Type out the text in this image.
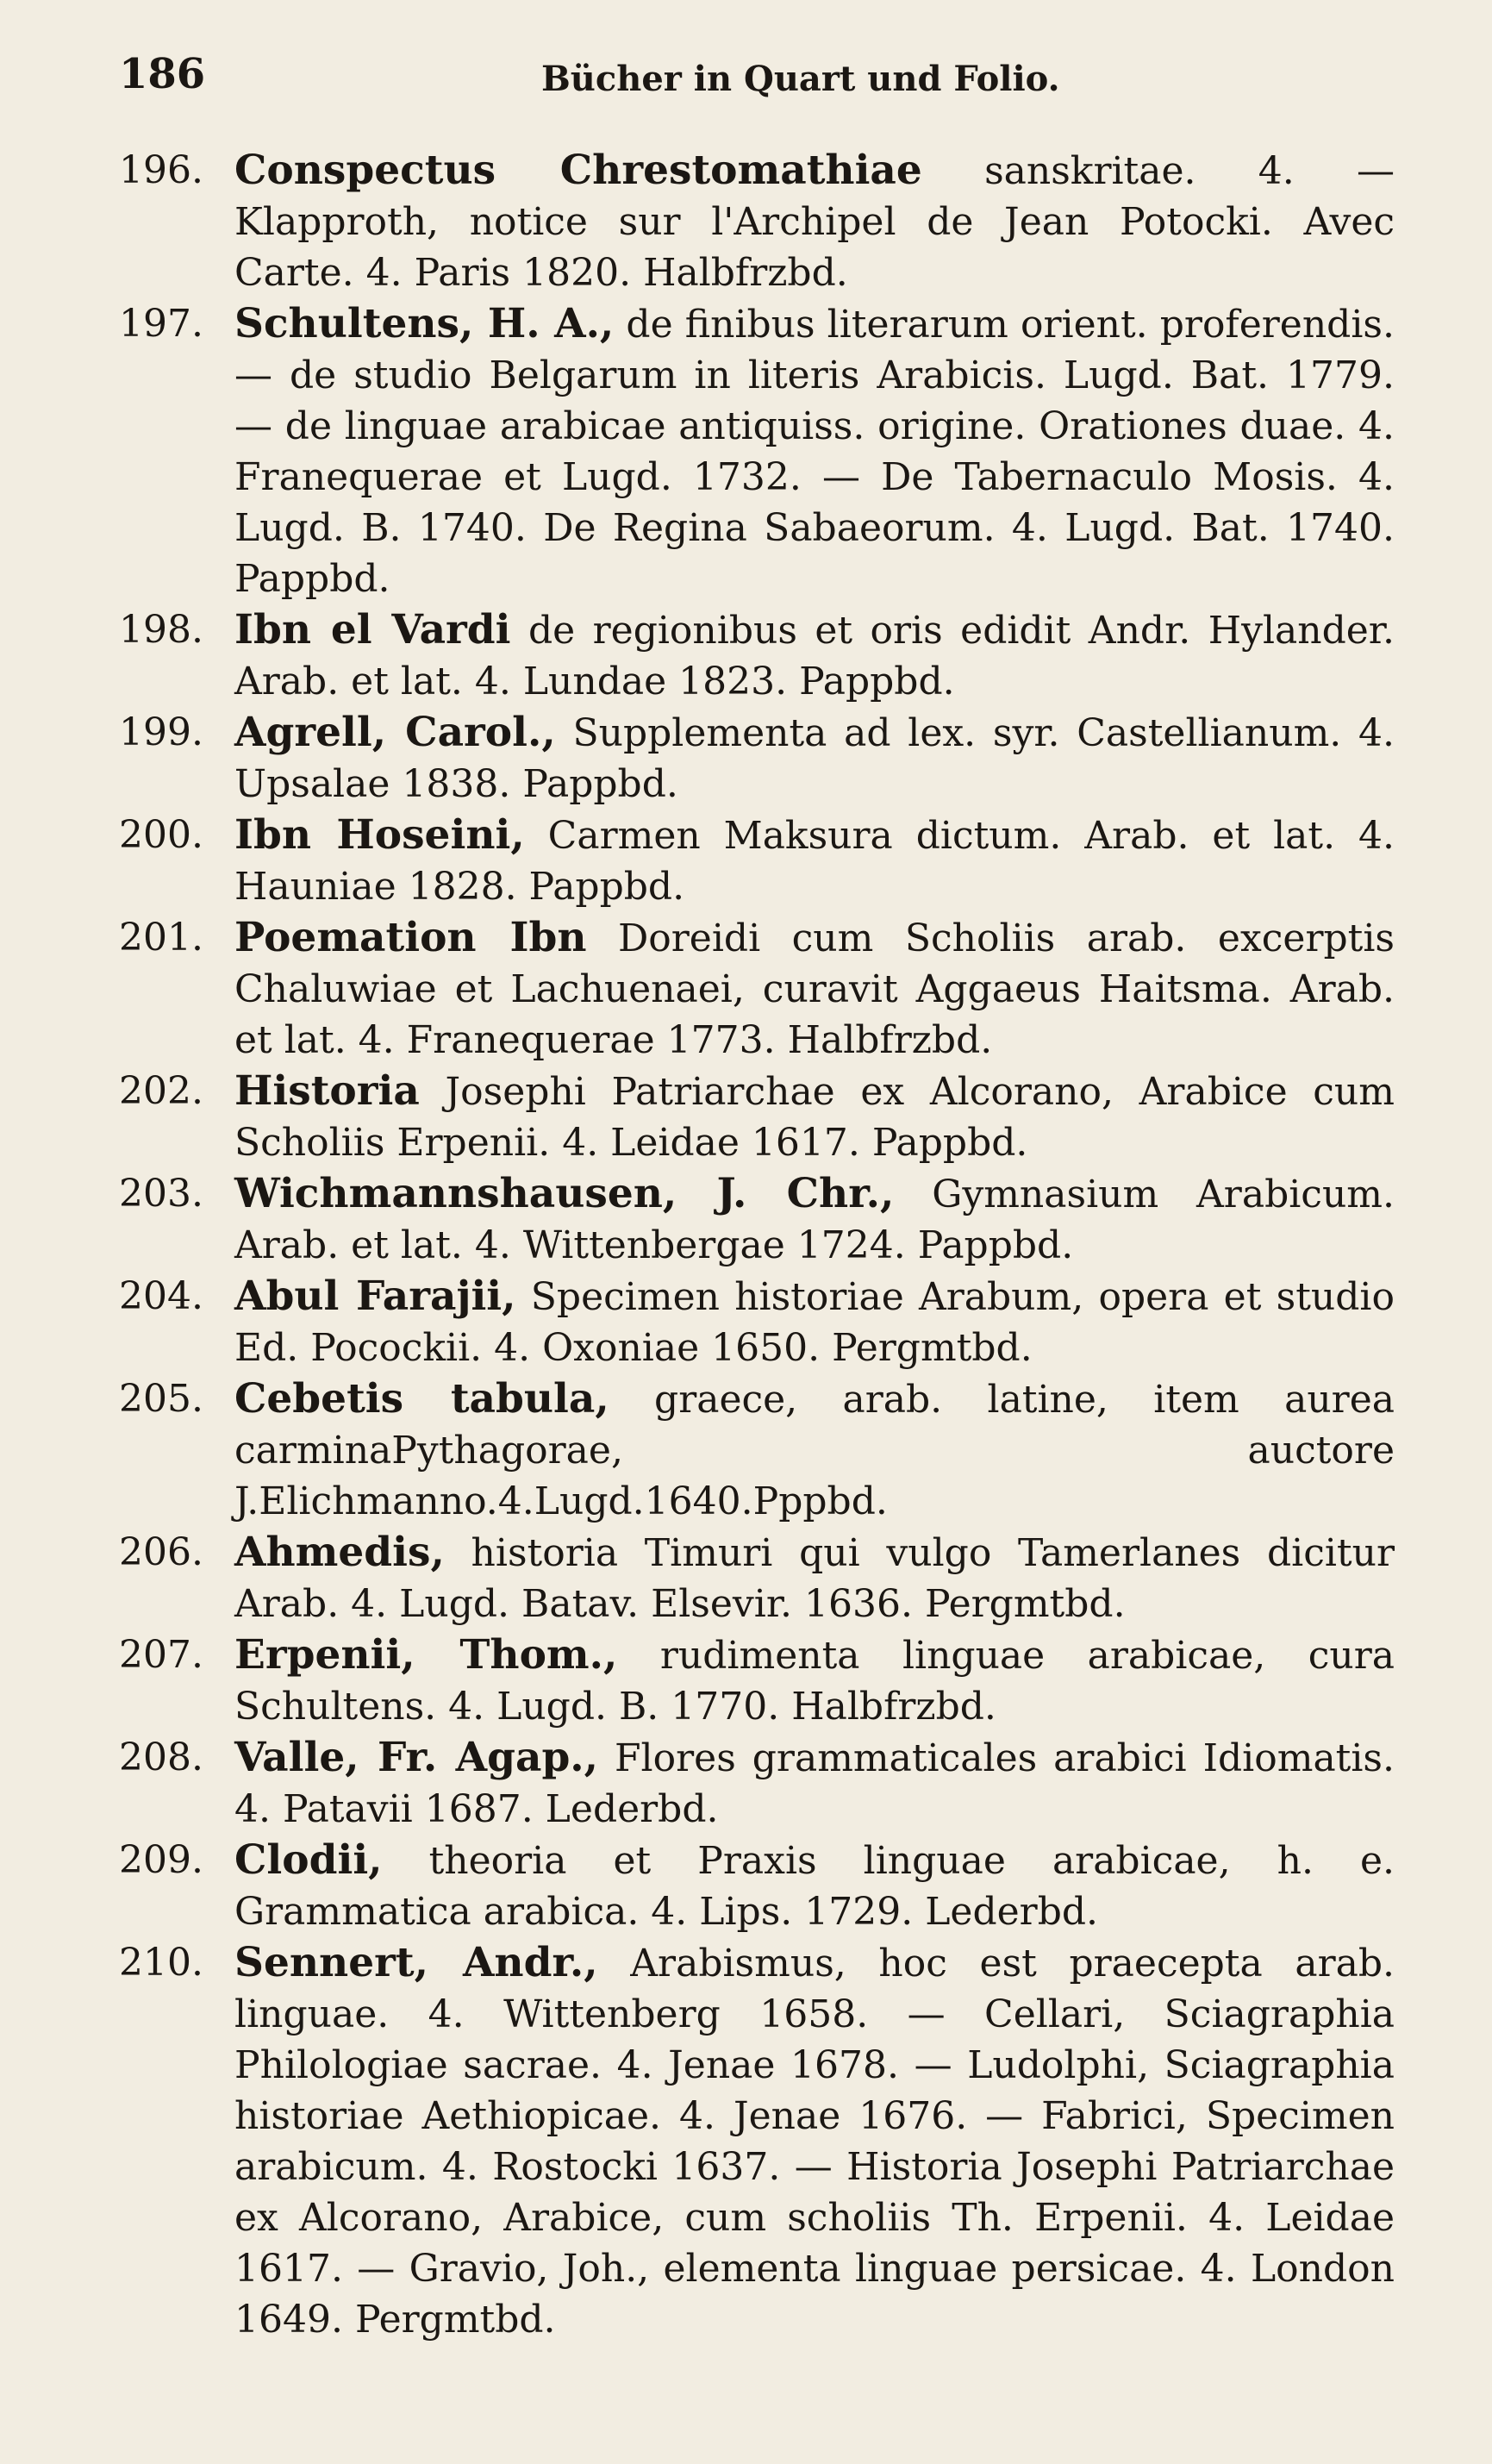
186	Bücher in Quart und Folio.
196. Conspectus Chrestomathiae sanskritae. 4. — Klapproth, notice sur l'Archipel de Jean Potocki. Avec Carte. 4. Paris 1820. Halbfrzbd.

197. Schultens, H. A., de finibus literarum orient. proferendis. — de studio Belgarum in literis Arabicis. Lugd. Bat. 1779. — de linguae arabicae antiquiss. origine. Orationes duae. 4. Franequerae et Lugd. 1732. — De Tabernaculo Mosis. 4. Lugd. B. 1740. De Regina Sabaeorum. 4. Lugd. Bat. 1740. Pappbd.

198. Ibn el Vardi de regionibus et oris edidit Andr. Hylander. Arab. et lat. 4. Lundae 1823. Pappbd.

199. Agrell, Carol., Supplementa ad lex. syr. Castellianum. 4. Upsalae 1838. Pappbd.

200. Ibn Hoseini, Carmen Maksura dictum. Arab. et lat. 4. Hauniae 1828. Pappbd.

201. Poemation Ibn Doreidi cum Scholiis arab. excerptis Chaluwiae et Lachuenaei, curavit Aggaeus Haitsma. Arab. et lat. 4. Franequerae 1773. Halbfrzbd.

202. Historia Josephi Patriarchae ex Alcorano, Arabice cum Scholiis Erpenii. 4. Leidae 1617. Pappbd.

203. Wichmannshausen, J. Chr., Gymnasium Arabicum. Arab. et lat. 4. Wittenbergae 1724. Pappbd.

204. Abul Farajii, Specimen historiae Arabum, opera et studio Ed. Pocockii. 4. Oxoniae 1650. Pergmtbd.

205. Cebetis tabula, graece, arab. latine, item aurea carminaPythagorae, auctore J.Elichmanno.4.Lugd.1640.Pppbd.

206. Ahmedis, historia Timuri qui vulgo Tamerlanes dicitur Arab. 4. Lugd. Batav. Elsevir. 1636. Pergmtbd.

207. Erpenii, Thom., rudimenta linguae arabicae, cura Schultens. 4. Lugd. B. 1770. Halbfrzbd.

208. Valle, Fr. Agap., Flores grammaticales arabici Idiomatis. 4. Patavii 1687. Lederbd.

209. Clodii, theoria et Praxis linguae arabicae, h. e. Grammatica arabica. 4. Lips. 1729. Lederbd.

210. Sennert, Andr., Arabismus, hoc est praecepta arab. linguae. 4. Wittenberg 1658. — Cellari, Sciagraphia Philologiae sacrae. 4. Jenae 1678. — Ludolphi, Sciagraphia historiae Aethiopicae. 4. Jenae 1676. — Fabrici, Specimen arabicum. 4. Rostocki 1637. — Historia Josephi Patriarchae ex Alcorano, Arabice, cum scholiis Th. Erpenii. 4. Leidae 1617. — Gravio, Joh., elementa linguae persicae. 4. London 1649. Pergmtbd.
